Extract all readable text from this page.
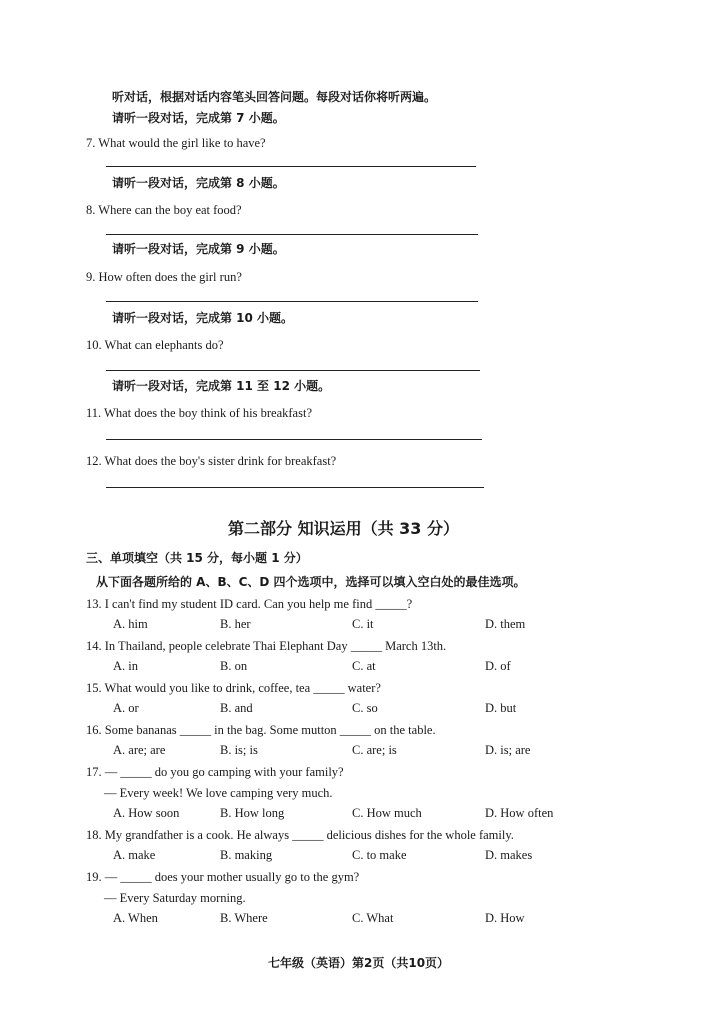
听对话，根据对话内容笔头回答问题。每段对话你将听两遍。
请听一段对话，完成第 7 小题。
7. What would the girl like to have?
请听一段对话，完成第 8 小题。
8. Where can the boy eat food?
请听一段对话，完成第 9 小题。
9. How often does the girl run?
请听一段对话，完成第 10 小题。
10. What can elephants do?
请听一段对话，完成第 11 至 12 小题。
11. What does the boy think of his breakfast?
12. What does the boy's sister drink for breakfast?
第二部分 知识运用（共 33 分）
三、单项填空（共 15 分，每小题 1 分）
从下面各题所给的 A、B、C、D 四个选项中，选择可以填入空白处的最佳选项。
13. I can't find my student ID card. Can you help me find _____?
A. him	B. her	C. it	D. them
14. In Thailand, people celebrate Thai Elephant Day _____ March 13th.
A. in	B. on	C. at	D. of
15. What would you like to drink, coffee, tea _____ water?
A. or	B. and	C. so	D. but
16. Some bananas _____ in the bag. Some mutton _____ on the table.
A. are; are	B. is; is	C. are; is	D. is; are
17. — _____ do you go camping with your family?
— Every week! We love camping very much.
A. How soon	B. How long	C. How much	D. How often
18. My grandfather is a cook. He always _____ delicious dishes for the whole family.
A. make	B. making	C. to make	D. makes
19. — _____ does your mother usually go to the gym?
— Every Saturday morning.
A. When	B. Where	C. What	D. How
七年级（英语）第2页（共10页）
